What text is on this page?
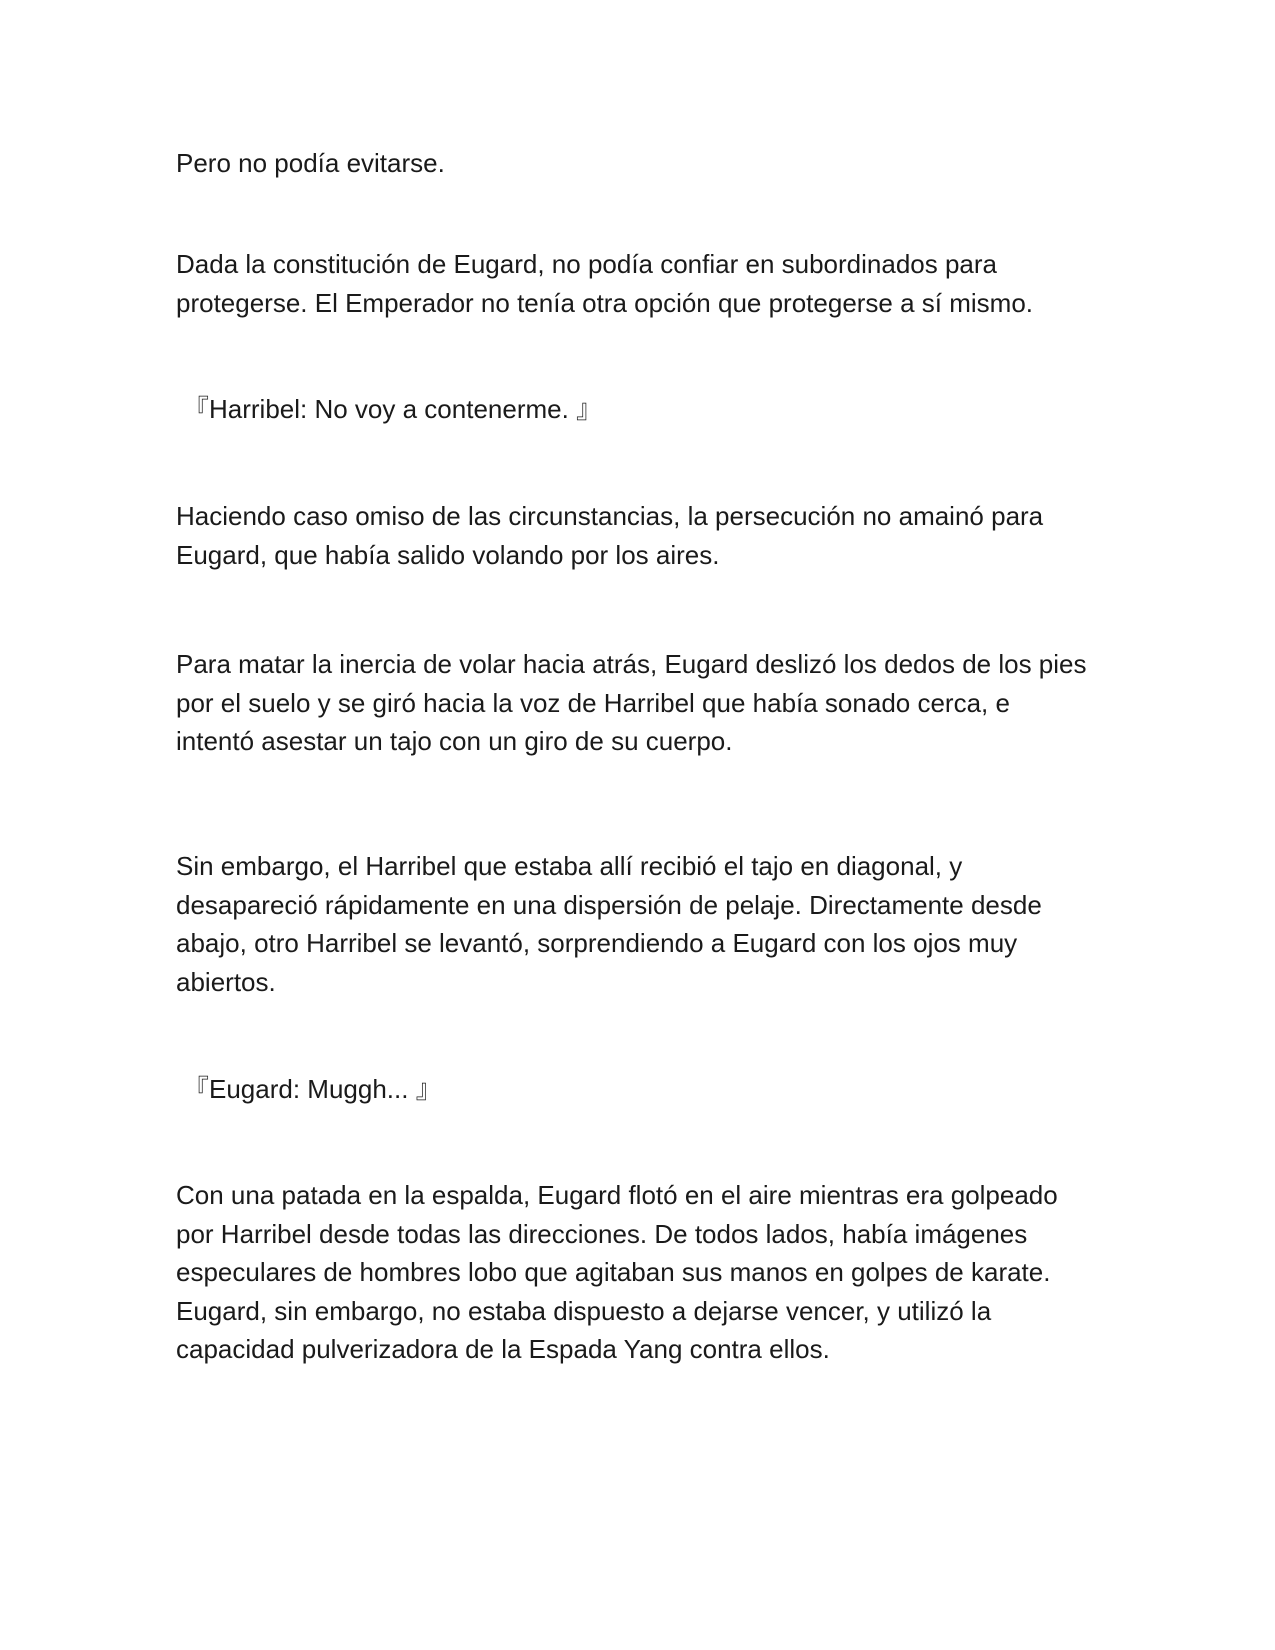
Pero no podía evitarse.

Dada la constitución de Eugard, no podía confiar en subordinados para
protegerse. El Emperador no tenía otra opción que protegerse a sí mismo.

『Harribel: No voy a contenerme. 』

Haciendo caso omiso de las circunstancias, la persecución no amainó para
Eugard, que había salido volando por los aires.

Para matar la inercia de volar hacia atrás, Eugard deslizó los dedos de los pies
por el suelo y se giró hacia la voz de Harribel que había sonado cerca, e
intentó asestar un tajo con un giro de su cuerpo.

Sin embargo, el Harribel que estaba allí recibió el tajo en diagonal, y
desapareció rápidamente en una dispersión de pelaje. Directamente desde
abajo, otro Harribel se levantó, sorprendiendo a Eugard con los ojos muy
abiertos.

『Eugard: Muggh... 』

Con una patada en la espalda, Eugard flotó en el aire mientras era golpeado
por Harribel desde todas las direcciones. De todos lados, había imágenes
especulares de hombres lobo que agitaban sus manos en golpes de karate.
Eugard, sin embargo, no estaba dispuesto a dejarse vencer, y utilizó la
capacidad pulverizadora de la Espada Yang contra ellos.
